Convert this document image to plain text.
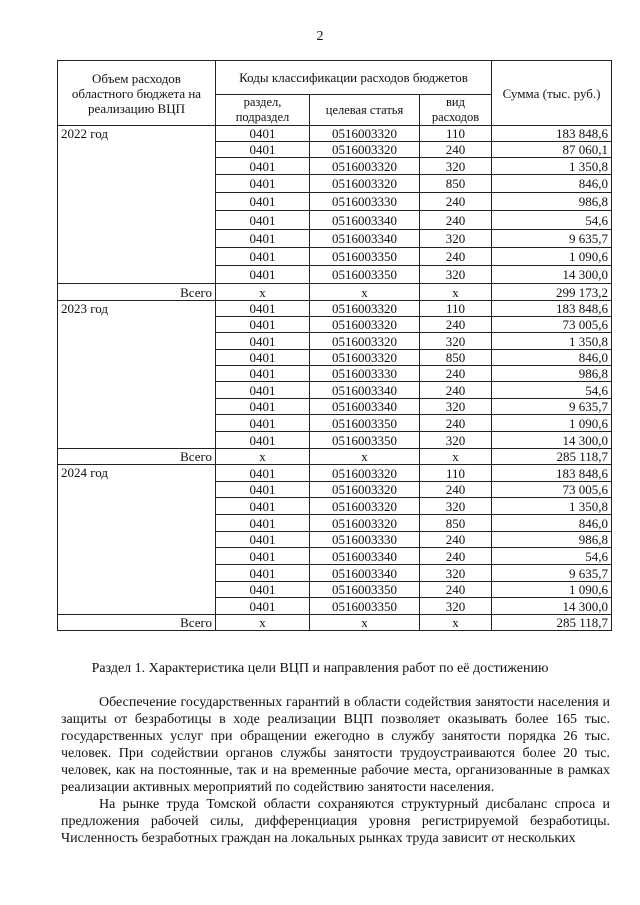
2
Объем расходов областного бюджета на реализацию ВЦП	Коды классификации расходов бюджетов			Сумма (тыс. руб.)
	раздел, подраздел	целевая статья	вид расходов	
2022 год	0401	0516003320	110	183 848,6
	0401	0516003320	240	87 060,1
	0401	0516003320	320	1 350,8
	0401	0516003320	850	846,0
	0401	0516003330	240	986,8
	0401	0516003340	240	54,6
	0401	0516003340	320	9 635,7
	0401	0516003350	240	1 090,6
	0401	0516003350	320	14 300,0
Всего	х	х	х	299 173,2
2023 год	0401	0516003320	110	183 848,6
	0401	0516003320	240	73 005,6
	0401	0516003320	320	1 350,8
	0401	0516003320	850	846,0
	0401	0516003330	240	986,8
	0401	0516003340	240	54,6
	0401	0516003340	320	9 635,7
	0401	0516003350	240	1 090,6
	0401	0516003350	320	14 300,0
Всего	х	х	х	285 118,7
2024 год	0401	0516003320	110	183 848,6
	0401	0516003320	240	73 005,6
	0401	0516003320	320	1 350,8
	0401	0516003320	850	846,0
	0401	0516003330	240	986,8
	0401	0516003340	240	54,6
	0401	0516003340	320	9 635,7
	0401	0516003350	240	1 090,6
	0401	0516003350	320	14 300,0
Всего	х	х	х	285 118,7
Раздел 1. Характеристика цели ВЦП и направления работ по её достижению

Обеспечение государственных гарантий в области содействия занятости населения и защиты от безработицы в ходе реализации ВЦП позволяет оказывать более 165 тыс. государственных услуг при обращении ежегодно в службу занятости порядка 26 тыс. человек. При содействии органов службы занятости трудоустраиваются более 20 тыс. человек, как на постоянные, так и на временные рабочие места, организованные в рамках реализации активных мероприятий по содействию занятости населения.

На рынке труда Томской области сохраняются структурный дисбаланс спроса и предложения рабочей силы, дифференциация уровня регистрируемой безработицы. Численность безработных граждан на локальных рынках труда зависит от нескольких
